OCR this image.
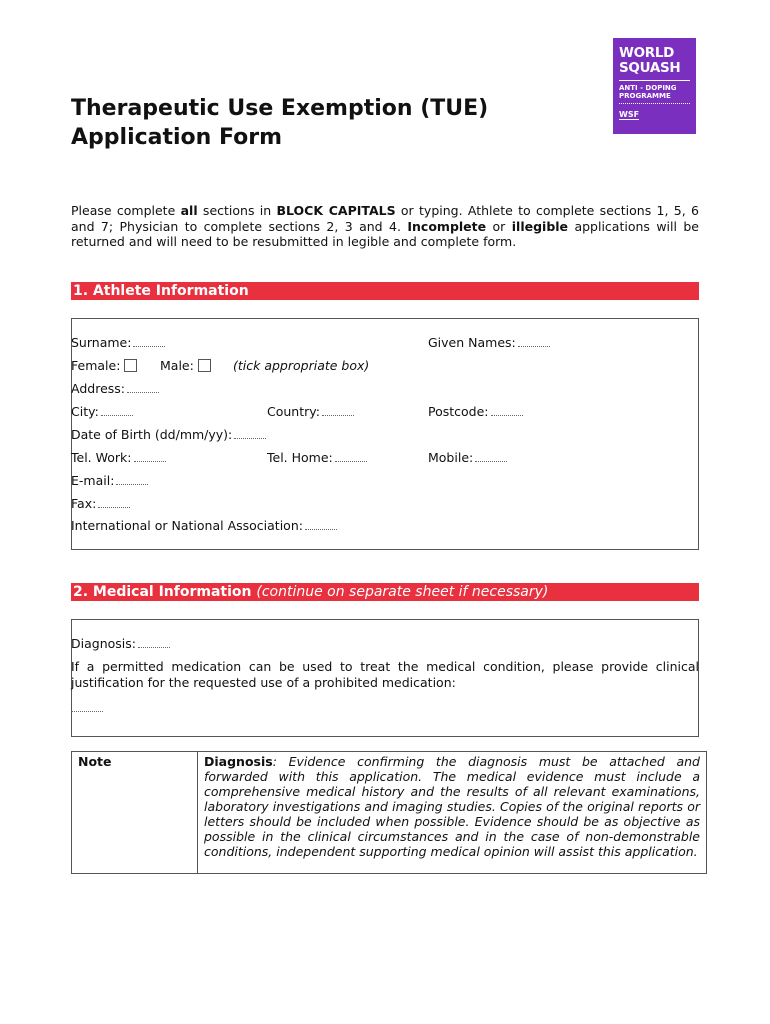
WORLD
SQUASH
ANTI - DOPING
PROGRAMME
WSF
Therapeutic Use Exemption (TUE)
Application Form
Please complete all sections in BLOCK CAPITALS or typing. Athlete to complete sections 1, 5, 6 and 7; Physician to complete sections 2, 3 and 4. Incomplete or illegible applications will be returned and will need to be resubmitted in legible and complete form.
1. Athlete Information
Surname:	Given Names:
Female:	Male:	(tick appropriate box)
Address:
City:	Country:	Postcode:
Date of Birth (dd/mm/yy):
Tel. Work:	Tel. Home:	Mobile:
E-mail:
Fax:
International or National Association:
2. Medical Information (continue on separate sheet if necessary)
Diagnosis:
If a permitted medication can be used to treat the medical condition, please provide clinical justification for the requested use of a prohibited medication:
Note	Diagnosis: Evidence confirming the diagnosis must be attached and forwarded with this application. The medical evidence must include a comprehensive medical history and the results of all relevant examinations, laboratory investigations and imaging studies. Copies of the original reports or letters should be included when possible. Evidence should be as objective as possible in the clinical circumstances and in the case of non-demonstrable conditions, independent supporting medical opinion will assist this application.
